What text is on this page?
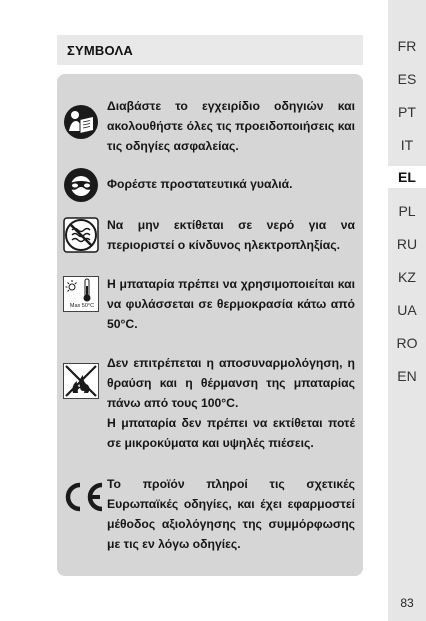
ΣΥΜΒΟΛΑ

Διαβάστε το εγχειρίδιο οδηγιών και ακολουθήστε όλες τις προειδοποιήσεις και τις οδηγίες ασφαλείας.

Φορέστε προστατευτικά γυαλιά.

Να μην εκτίθεται σε νερό για να περιοριστεί ο κίνδυνος ηλεκτροπληξίας.

Max 50°C

Η μπαταρία πρέπει να χρησιμοποιείται και να φυλάσσεται σε θερμοκρασία κάτω από 50°C.

Δεν επιτρέπεται η αποσυναρμολόγηση, η θραύση και η θέρμανση της μπαταρίας πάνω από τους 100°C.

Η μπαταρία δεν πρέπει να εκτίθεται ποτέ σε μικροκύματα και υψηλές πιέσεις.

Το προϊόν πληροί τις σχετικές Ευρωπαϊκές οδηγίες, και έχει εφαρμοστεί μέθοδος αξιολόγησης της συμμόρφωσης με τις εν λόγω οδηγίες.

FR
ES
PT
IT
EL
PL
RU
KZ
UA
RO
EN
83
